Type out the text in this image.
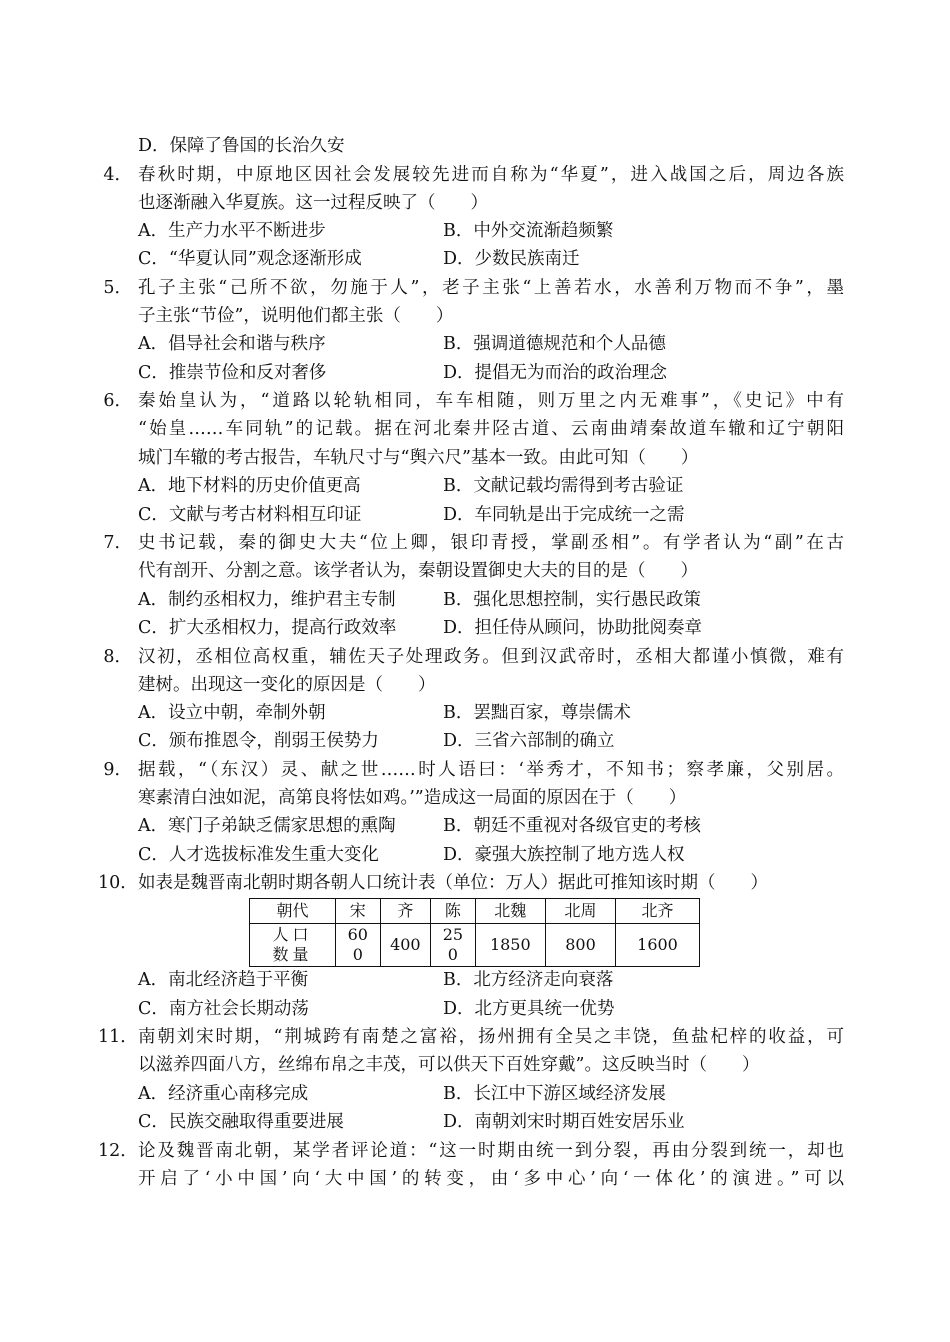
D．保障了鲁国的长治久安
4． 春秋时期，中原地区因社会发展较先进而自称为“华夏”，进入战国之后，周边各族
也逐渐融入华夏族。这一过程反映了（　　）
A．生产力水平不断进步	B．中外交流渐趋频繁
C．“华夏认同”观念逐渐形成	D．少数民族南迁
5． 孔子主张“己所不欲，勿施于人”，老子主张“上善若水，水善利万物而不争”，墨
子主张“节俭”，说明他们都主张（　　）
A．倡导社会和谐与秩序	B．强调道德规范和个人品德
C．推崇节俭和反对奢侈	D．提倡无为而治的政治理念
6． 秦始皇认为，“道路以轮轨相同，车车相随，则万里之内无难事”，《史记》中有
“始皇……车同轨”的记载。据在河北秦井陉古道、云南曲靖秦故道车辙和辽宁朝阳
城门车辙的考古报告，车轨尺寸与“舆六尺”基本一致。由此可知（　　）
A．地下材料的历史价值更高	B．文献记载均需得到考古验证
C．文献与考古材料相互印证	D．车同轨是出于完成统一之需
7． 史书记载，秦的御史大夫“位上卿，银印青授，掌副丞相”。有学者认为“副”在古
代有剖开、分割之意。该学者认为，秦朝设置御史大夫的目的是（　　）
A．制约丞相权力，维护君主专制	B．强化思想控制，实行愚民政策
C．扩大丞相权力，提高行政效率	D．担任侍从顾问，协助批阅奏章
8． 汉初，丞相位高权重，辅佐天子处理政务。但到汉武帝时，丞相大都谨小慎微，难有
建树。出现这一变化的原因是（　　）
A．设立中朝，牵制外朝	B．罢黜百家，尊崇儒术
C．颁布推恩令，削弱王侯势力	D．三省六部制的确立
9． 据载，“（东汉）灵、献之世……时人语曰：‘举秀才，不知书；察孝廉，父别居。
寒素清白浊如泥，高第良将怯如鸡。’”造成这一局面的原因在于（　　）
A．寒门子弟缺乏儒家思想的熏陶	B．朝廷不重视对各级官吏的考核
C．人才选拔标准发生重大变化	D．豪强大族控制了地方选人权
10． 如表是魏晋南北朝时期各朝人口统计表（单位：万人）据此可推知该时期（　　）
朝代	宋	齐	陈	北魏	北周	北齐
人口数量	600	400	250	1850	800	1600
A．南北经济趋于平衡	B．北方经济走向衰落
C．南方社会长期动荡	D．北方更具统一优势
11． 南朝刘宋时期，“荆城跨有南楚之富裕，扬州拥有全吴之丰饶，鱼盐杞梓的收益，可
以滋养四面八方，丝绵布帛之丰茂，可以供天下百姓穿戴”。这反映当时（　　）
A．经济重心南移完成	B．长江中下游区域经济发展
C．民族交融取得重要进展	D．南朝刘宋时期百姓安居乐业
12． 论及魏晋南北朝，某学者评论道：“这一时期由统一到分裂，再由分裂到统一，却也
开启了‘小中国’向‘大中国’的转变，由‘多中心’向‘一体化’的演进。”可以
